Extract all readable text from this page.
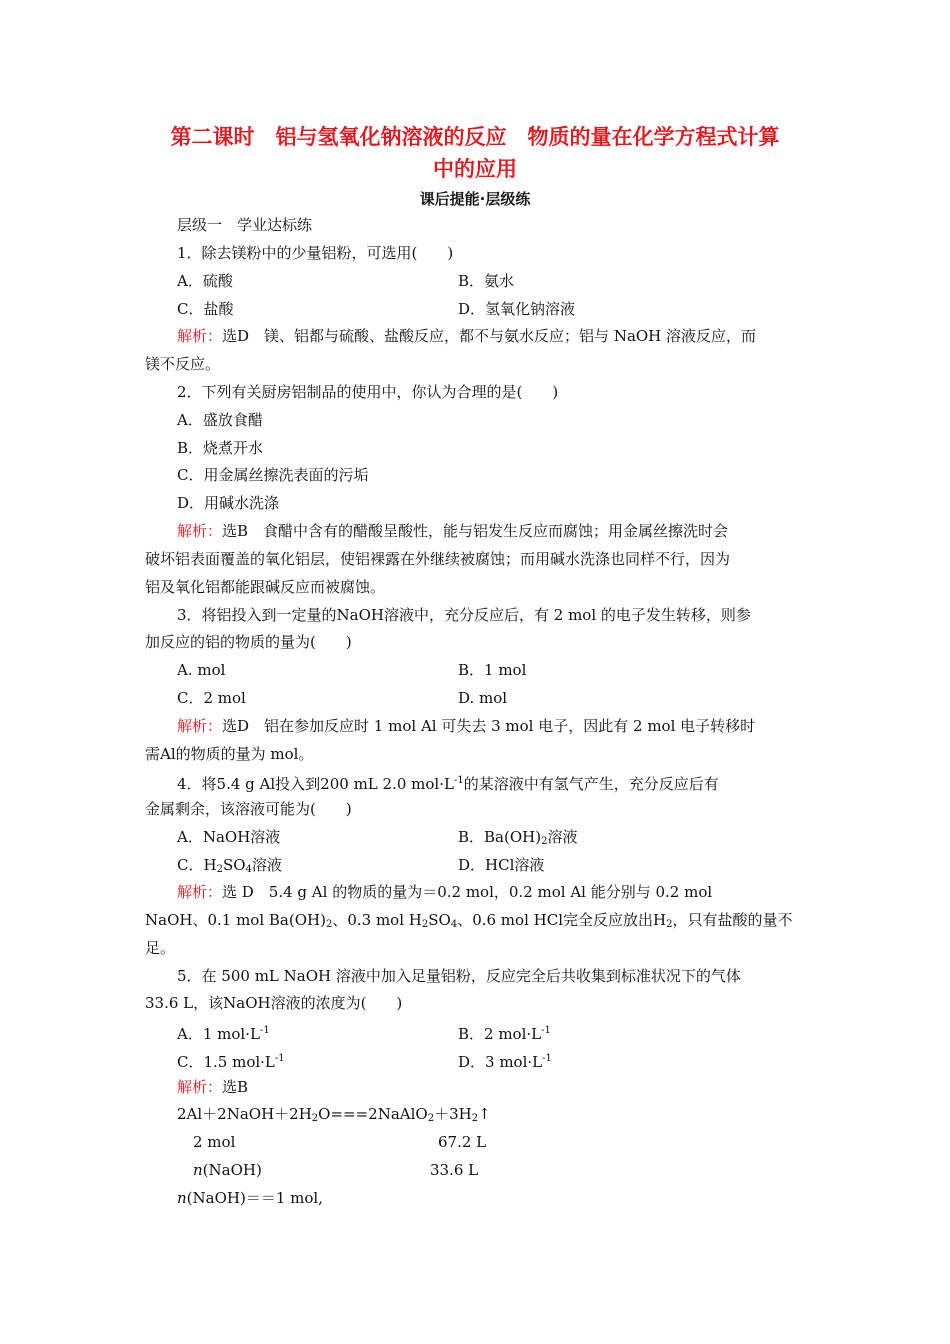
第二课时　铝与氢氧化钠溶液的反应　物质的量在化学方程式计算
中的应用
课后提能·层级练
层级一　学业达标练
1．除去镁粉中的少量铝粉，可选用(　　)
A．硫酸	B．氨水
C．盐酸	D．氢氧化钠溶液
解析：选D　镁、铝都与硫酸、盐酸反应，都不与氨水反应；铝与 NaOH 溶液反应，而
镁不反应。
2．下列有关厨房铝制品的使用中，你认为合理的是(　　)
A．盛放食醋
B．烧煮开水
C．用金属丝擦洗表面的污垢
D．用碱水洗涤
解析：选B　食醋中含有的醋酸呈酸性，能与铝发生反应而腐蚀；用金属丝擦洗时会
破坏铝表面覆盖的氧化铝层，使铝裸露在外继续被腐蚀；而用碱水洗涤也同样不行，因为
铝及氧化铝都能跟碱反应而被腐蚀。
3．将铝投入到一定量的NaOH溶液中，充分反应后，有 2 mol 的电子发生转移，则参
加反应的铝的物质的量为(　　)
A. mol	B．1 mol
C．2 mol	D. mol
解析：选D　铝在参加反应时 1 mol Al 可失去 3 mol 电子，因此有 2 mol 电子转移时
需Al的物质的量为 mol。
4．将5.4 g Al投入到200 mL 2.0 $mol\cdot L^{-1}$的某溶液中有氢气产生，充分反应后有
金属剩余，该溶液可能为(　　)
A．NaOH溶液	B．$Ba(OH)_2$溶液
C．$H_2SO_4$溶液	D．HCl溶液
解析：选 D　5.4 g Al 的物质的量为＝0.2 mol，0.2 mol Al 能分别与 0.2 mol
NaOH、0.1 mol $Ba(OH)_2$、0.3 mol $H_2SO_4$、0.6 mol HCl完全反应放出$H_2$，只有盐酸的量不
足。
5．在 500 mL NaOH 溶液中加入足量铝粉，反应完全后共收集到标准状况下的气体
33.6 L，该NaOH溶液的浓度为(　　)
A．1 $mol\cdot L^{-1}$	B．2 $mol\cdot L^{-1}$
C．1.5 $mol\cdot L^{-1}$	D．3 $mol\cdot L^{-1}$
解析：选B
$2Al+2NaOH+2H_2O===2NaAlO_2+3H_2↑$
2 mol	67.2 L
n(NaOH)	33.6 L
n(NaOH)＝＝1 mol,
